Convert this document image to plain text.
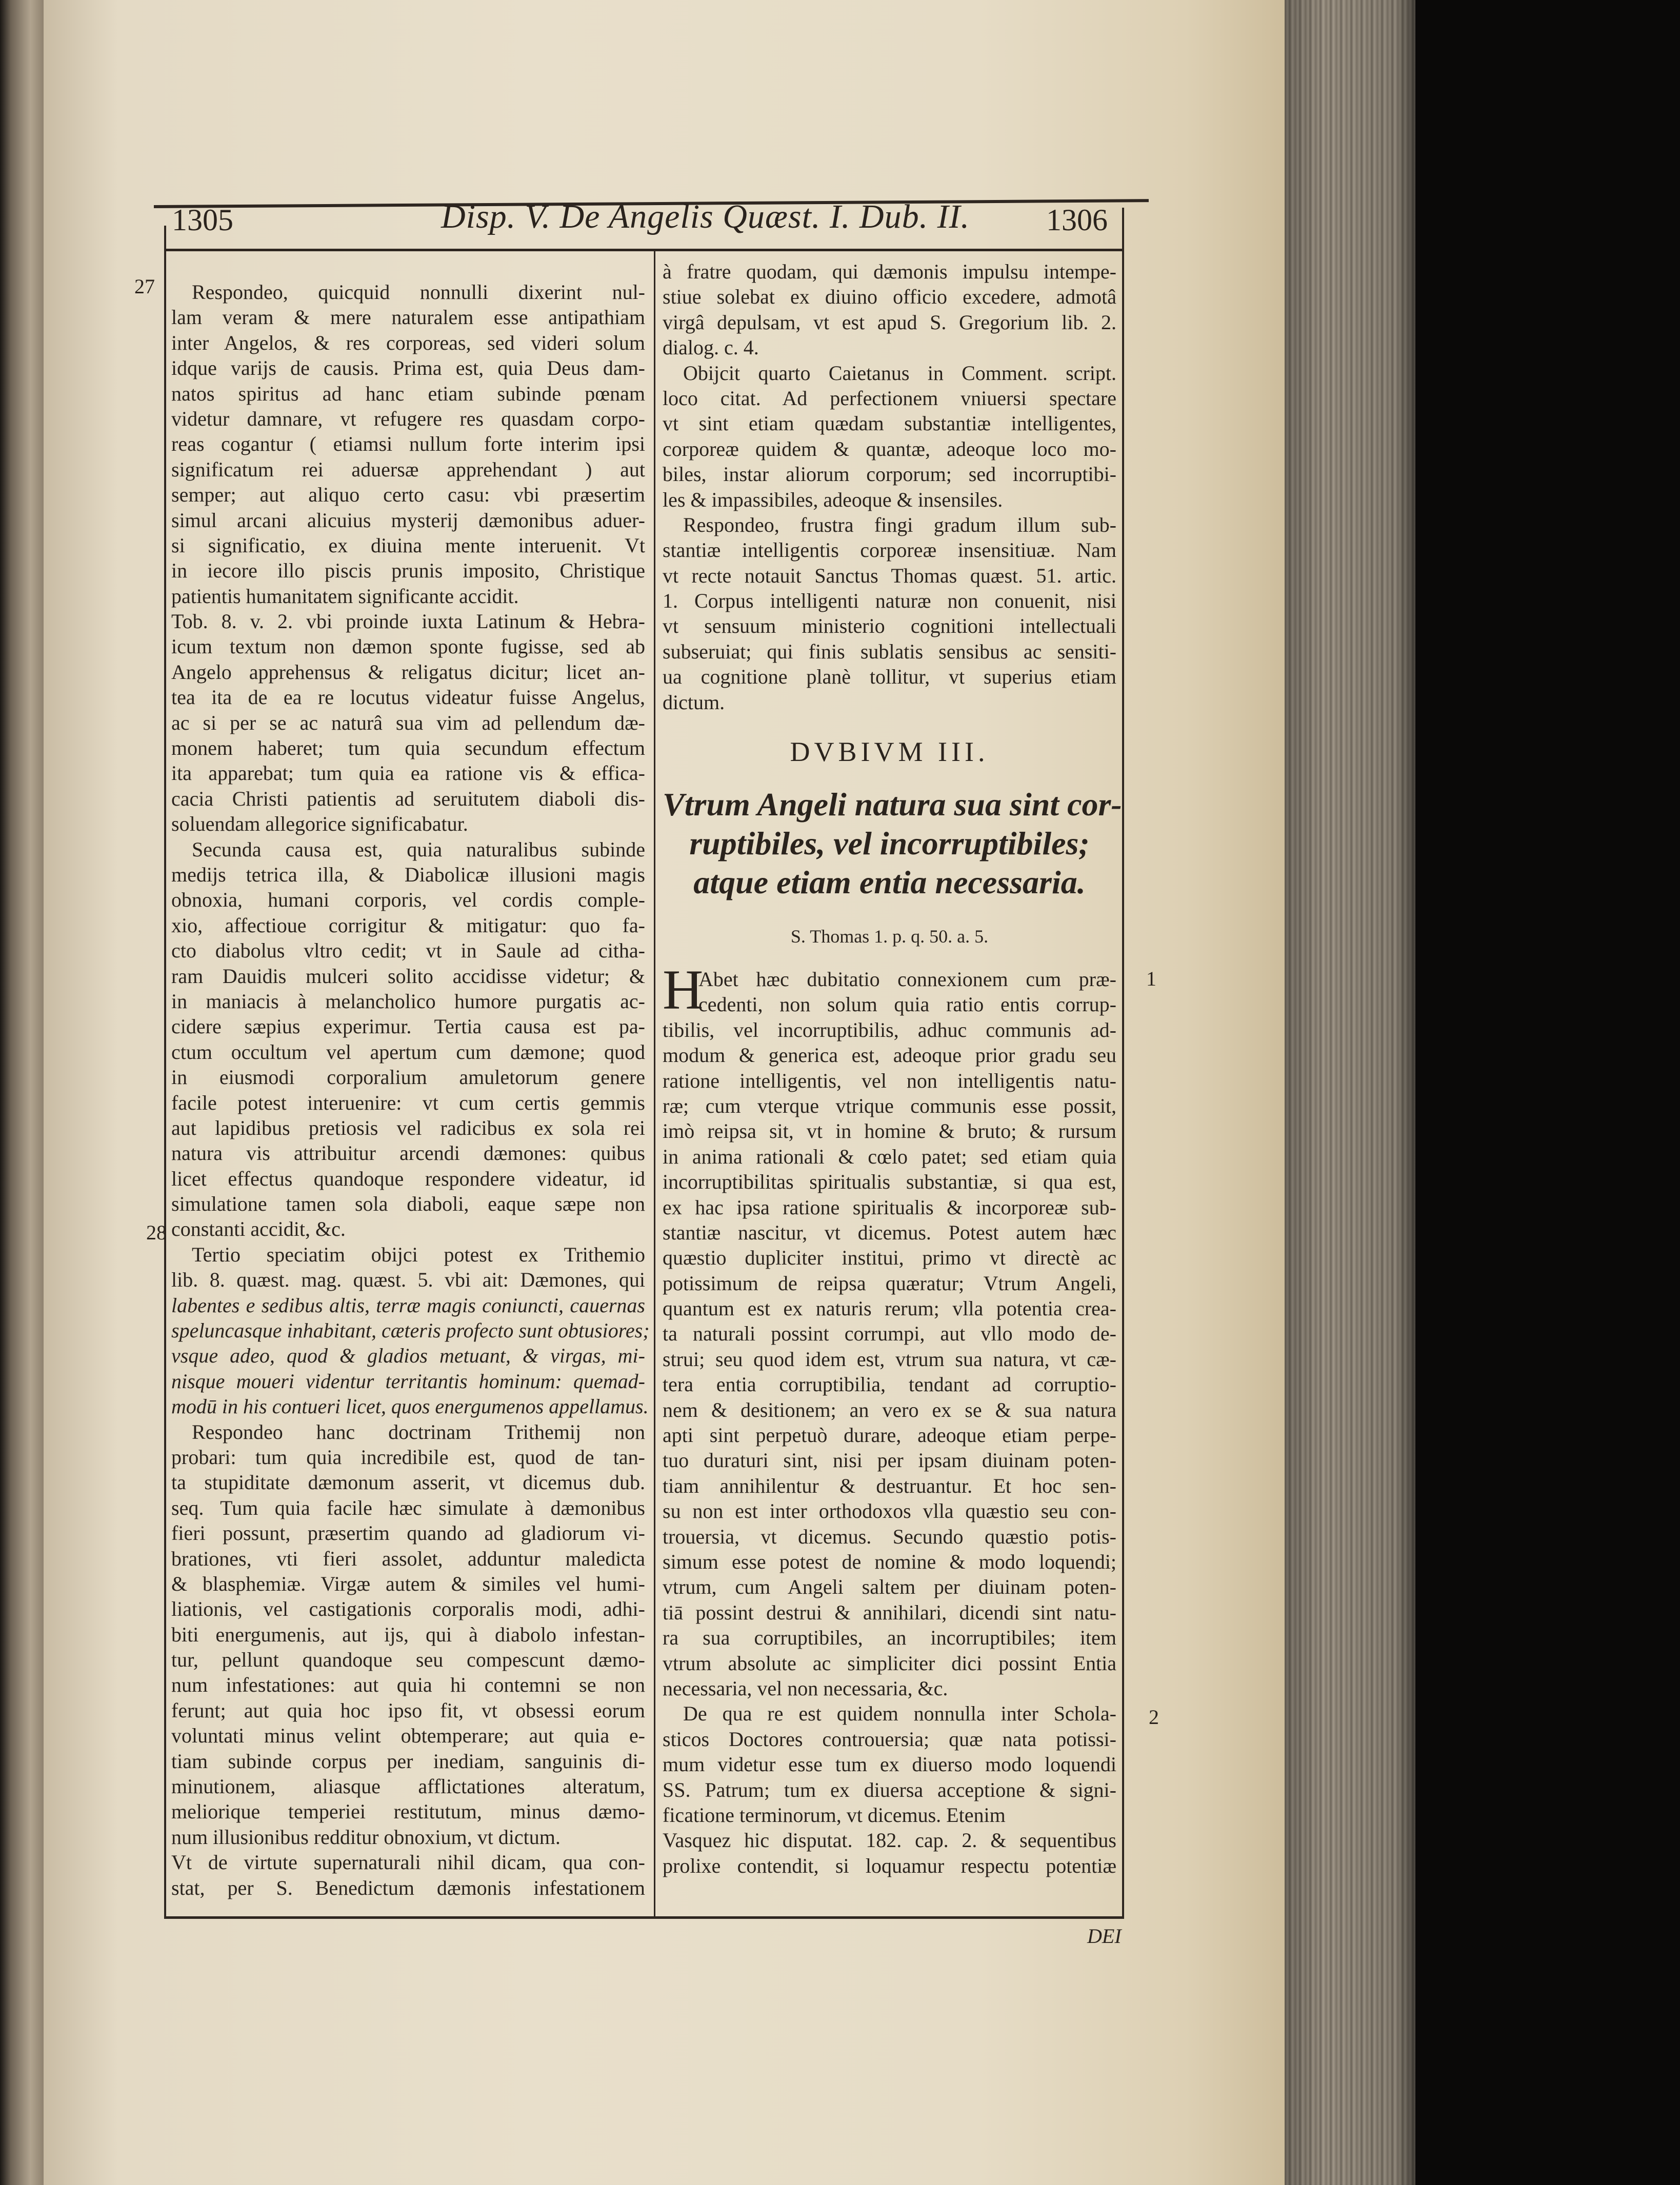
1305	Disp. V. De Angelis Quæst. I. Dub. II. 1306
27
28
1
2
Respondeo, quicquid nonnulli dixerint nul-
lam veram & mere naturalem esse antipathiam
inter Angelos, & res corporeas, sed videri solum
idque varijs de causis. Prima est, quia Deus dam-
natos spiritus ad hanc etiam subinde pœnam
videtur damnare, vt refugere res quasdam corpo-
reas cogantur ( etiamsi nullum forte interim ipsi
significatum rei aduersæ apprehendant ) aut
semper; aut aliquo certo casu: vbi præsertim
simul arcani alicuius mysterij dæmonibus aduer-
si significatio, ex diuina mente interuenit. Vt
in iecore illo piscis prunis imposito, Christique
patientis humanitatem significante accidit.
Tob. 8. v. 2. vbi proinde iuxta Latinum & Hebra-
icum textum non dæmon sponte fugisse, sed ab
Angelo apprehensus & religatus dicitur; licet an-
tea ita de ea re locutus videatur fuisse Angelus,
ac si per se ac naturâ sua vim ad pellendum dæ-
monem haberet; tum quia secundum effectum
ita apparebat; tum quia ea ratione vis & effica-
cacia Christi patientis ad seruitutem diaboli dis-
soluendam allegorice significabatur.
Secunda causa est, quia naturalibus subinde
medijs tetrica illa, & Diabolicæ illusioni magis
obnoxia, humani corporis, vel cordis comple-
xio, affectioue corrigitur & mitigatur: quo fa-
cto diabolus vltro cedit; vt in Saule ad citha-
ram Dauidis mulceri solito accidisse videtur; &
in maniacis à melancholico humore purgatis ac-
cidere sæpius experimur. Tertia causa est pa-
ctum occultum vel apertum cum dæmone; quod
in eiusmodi corporalium amuletorum genere
facile potest interuenire: vt cum certis gemmis
aut lapidibus pretiosis vel radicibus ex sola rei
natura vis attribuitur arcendi dæmones: quibus
licet effectus quandoque respondere videatur, id
simulatione tamen sola diaboli, eaque sæpe non
constanti accidit, &c.
Tertio speciatim obijci potest ex Trithemio
lib. 8. quæst. mag. quæst. 5. vbi ait: Dæmones, qui
labentes e sedibus altis, terræ magis coniuncti, cauernas
speluncasque inhabitant, cæteris profecto sunt obtusiores;
vsque adeo, quod & gladios metuant, & virgas, mi-
nisque moueri videntur territantis hominum: quemad-
modū in his contueri licet, quos energumenos appellamus.
Respondeo hanc doctrinam Trithemij non
probari: tum quia incredibile est, quod de tan-
ta stupiditate dæmonum asserit, vt dicemus dub.
seq. Tum quia facile hæc simulate à dæmonibus
fieri possunt, præsertim quando ad gladiorum vi-
brationes, vti fieri assolet, adduntur maledicta
& blasphemiæ. Virgæ autem & similes vel humi-
liationis, vel castigationis corporalis modi, adhi-
biti energumenis, aut ijs, qui à diabolo infestan-
tur, pellunt quandoque seu compescunt dæmo-
num infestationes: aut quia hi contemni se non
ferunt; aut quia hoc ipso fit, vt obsessi eorum
voluntati minus velint obtemperare; aut quia e-
tiam subinde corpus per inediam, sanguinis di-
minutionem, aliasque afflictationes alteratum,
meliorique temperiei restitutum, minus dæmo-
num illusionibus redditur obnoxium, vt dictum.
Vt de virtute supernaturali nihil dicam, qua con-
stat, per S. Benedictum dæmonis infestationem
à fratre quodam, qui dæmonis impulsu intempe-
stiue solebat ex diuino officio excedere, admotâ
virgâ depulsam, vt est apud S. Gregorium lib. 2.
dialog. c. 4.
Obijcit quarto Caietanus in Comment. script.
loco citat. Ad perfectionem vniuersi spectare
vt sint etiam quædam substantiæ intelligentes,
corporeæ quidem & quantæ, adeoque loco mo-
biles, instar aliorum corporum; sed incorruptibi-
les & impassibiles, adeoque & insensiles.
Respondeo, frustra fingi gradum illum sub-
stantiæ intelligentis corporeæ insensitiuæ. Nam
vt recte notauit Sanctus Thomas quæst. 51. artic.
1. Corpus intelligenti naturæ non conuenit, nisi
vt sensuum ministerio cognitioni intellectuali
subseruiat; qui finis sublatis sensibus ac sensiti-
ua cognitione planè tollitur, vt superius etiam
dictum.
DVBIVM III.
Vtrum Angeli natura sua sint cor-
ruptibiles, vel incorruptibiles;
atque etiam entia necessaria.
S. Thomas 1. p. q. 50. a. 5.
H
Abet hæc dubitatio connexionem cum præ-
cedenti, non solum quia ratio entis corrup-
tibilis, vel incorruptibilis, adhuc communis ad-
modum & generica est, adeoque prior gradu seu
ratione intelligentis, vel non intelligentis natu-
ræ; cum vterque vtrique communis esse possit,
imò reipsa sit, vt in homine & bruto; & rursum
in anima rationali & cœlo patet; sed etiam quia
incorruptibilitas spiritualis substantiæ, si qua est,
ex hac ipsa ratione spiritualis & incorporeæ sub-
stantiæ nascitur, vt dicemus. Potest autem hæc
quæstio dupliciter institui, primo vt directè ac
potissimum de reipsa quæratur; Vtrum Angeli,
quantum est ex naturis rerum; vlla potentia crea-
ta naturali possint corrumpi, aut vllo modo de-
strui; seu quod idem est, vtrum sua natura, vt cæ-
tera entia corruptibilia, tendant ad corruptio-
nem & desitionem; an vero ex se & sua natura
apti sint perpetuò durare, adeoque etiam perpe-
tuo duraturi sint, nisi per ipsam diuinam poten-
tiam annihilentur & destruantur. Et hoc sen-
su non est inter orthodoxos vlla quæstio seu con-
trouersia, vt dicemus. Secundo quæstio potis-
simum esse potest de nomine & modo loquendi;
vtrum, cum Angeli saltem per diuinam poten-
tiā possint destrui & annihilari, dicendi sint natu-
ra sua corruptibiles, an incorruptibiles; item
vtrum absolute ac simpliciter dici possint Entia
necessaria, vel non necessaria, &c.
De qua re est quidem nonnulla inter Schola-
sticos Doctores controuersia; quæ nata potissi-
mum videtur esse tum ex diuerso modo loquendi
SS. Patrum; tum ex diuersa acceptione & signi-
ficatione terminorum, vt dicemus. Etenim
Vasquez hic disputat. 182. cap. 2. & sequentibus
prolixe contendit, si loquamur respectu potentiæ
DEI
